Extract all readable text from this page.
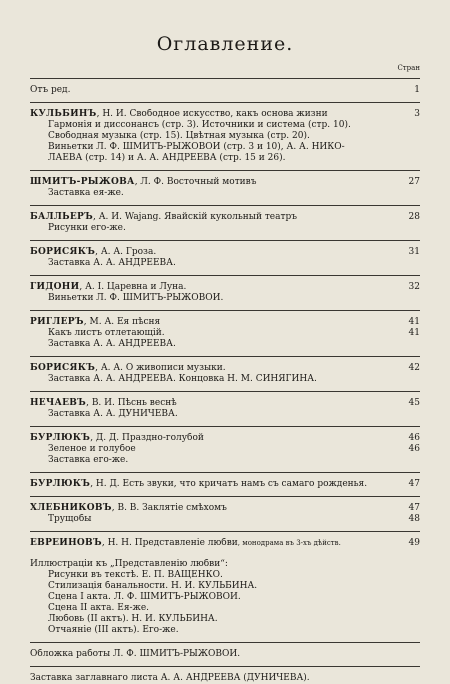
Оглавление.
Стран
Отъ ред.	1
КУЛЬБИНЪ, Н. И. Свободное искусство, какъ основа жизни	3
Гармонія и диссонансъ (стр. 3). Источники и система (стр. 10).
Свободная музыка (стр. 15). Цвѣтная музыка (стр. 20).
Виньетки Л. Ф. ШМИТЪ-РЫЖОВОЙ (стр. 3 и 10), А. А. НИКО-
ЛАЕВА (стр. 14) и А. А. АНДРЕЕВА (стр. 15 и 26).
ШМИТЪ-РЫЖОВА, Л. Ф. Восточный мотивъ	27
Заставка ея-же.
БАЛЛЬЕРЪ, А. И. Wajang. Явайскій кукольный театръ	28
Рисунки его-же.
БОРИСЯКЪ, А. А. Гроза.	31
Заставка А. А. АНДРЕЕВА.
ГИДОНИ, А. І. Царевна и Луна.	32
Виньетки Л. Ф. ШМИТЪ-РЫЖОВОЙ.
РИГЛЕРЪ, М. А. Ея пѣсня	41
Какъ листъ отлетающій.	41
Заставка А. А. АНДРЕЕВА.
БОРИСЯКЪ, А. А. О живописи музыки.	42
Заставка А. А. АНДРЕЕВА. Концовка Н. М. СИНЯГИНА.
НЕЧАЕВЪ, В. И. Пѣснь веснѣ	45
Заставка А. А. ДУНИЧЕВА.
БУРЛЮКЪ, Д. Д. Праздно-голубой	46
Зеленое и голубое	46
Заставка его-же.
БУРЛЮКЪ, Н. Д. Есть звуки, что кричатъ намъ съ самаго рожденья.	47
ХЛЕБНИКОВЪ, В. В. Заклятіе смѣхомъ	47
Трущобы	48
ЕВРЕИНОВЪ, Н. Н. Представленіе любви, монодрама въ 3-хъ дѣйств.	49
Иллюстраціи къ „Представленію любви“:
Рисунки въ текстѣ. Е. П. ВАЩЕНКО.
Стилизація банальности. Н. И. КУЛЬБИНА.
Сцена I акта. Л. Ф. ШМИТЪ-РЫЖОВОЙ.
Сцена II акта. Ея-же.
Любовь (II актъ). Н. И. КУЛЬБИНА.
Отчаяніе (III актъ). Его-же.
Обложка работы Л. Ф. ШМИТЪ-РЫЖОВОЙ.
Заставка заглавнаго листа А. А. АНДРЕЕВА (ДУНИЧЕВА).
